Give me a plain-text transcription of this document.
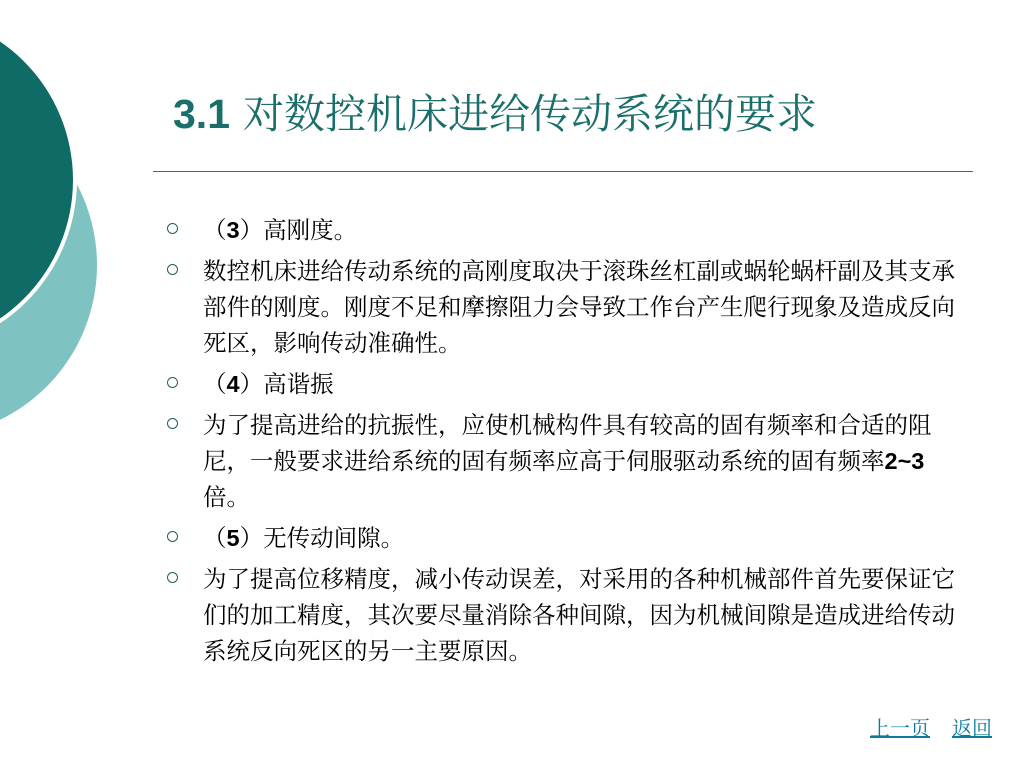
3.1 对数控机床进给传动系统的要求
（3）高刚度。
数控机床进给传动系统的高刚度取决于滚珠丝杠副或蜗轮蜗杆副及其支承部件的刚度。刚度不足和摩擦阻力会导致工作台产生爬行现象及造成反向死区，影响传动准确性。
（4）高谐振
为了提高进给的抗振性，应使机械构件具有较高的固有频率和合适的阻尼，一般要求进给系统的固有频率应高于伺服驱动系统的固有频率2~3倍。
（5）无传动间隙。
为了提高位移精度，减小传动误差，对采用的各种机械部件首先要保证它们的加工精度，其次要尽量消除各种间隙，因为机械间隙是造成进给传动系统反向死区的另一主要原因。
上一页 返回
